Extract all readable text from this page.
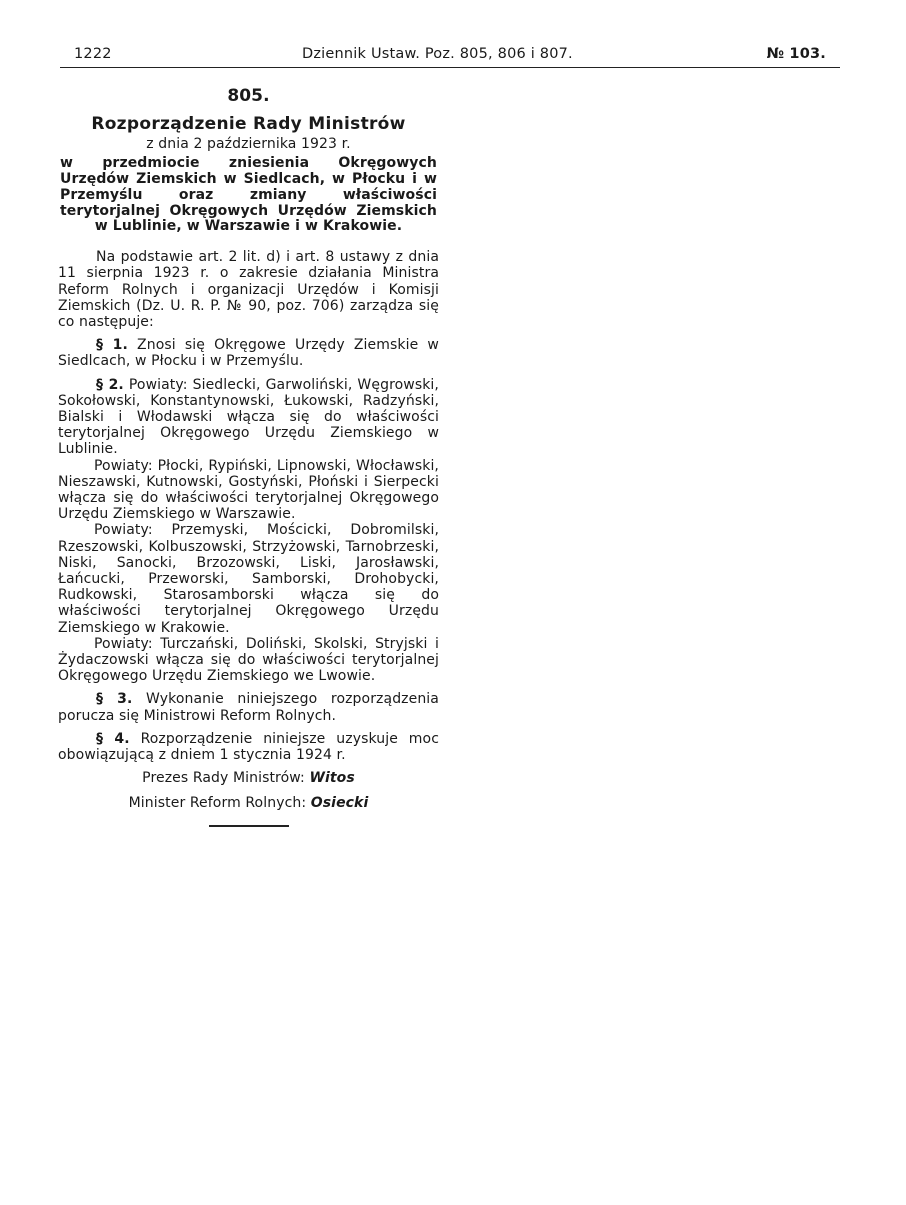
1222	Dziennik Ustaw. Poz. 805, 806 i 807.	№ 103.
805.
Rozporządzenie Rady Ministrów
z dnia 2 października 1923 r.
w przedmiocie zniesienia Okręgowych Urzędów Ziemskich w Siedlcach, w Płocku i w Przemyślu oraz zmiany właściwości terytorjalnej Okręgowych Urzędów Ziemskich w Lublinie, w Warszawie i w Krakowie.

Na podstawie art. 2 lit. d) i art. 8 ustawy z dnia 11 sierpnia 1923 r. o zakresie działania Ministra Reform Rolnych i organizacji Urzędów i Komisji Ziemskich (Dz. U. R. P. № 90, poz. 706) zarządza się co następuje:

§ 1. Znosi się Okręgowe Urzędy Ziemskie w Siedlcach, w Płocku i w Przemyślu.

§ 2. Powiaty: Siedlecki, Garwoliński, Węgrowski, Sokołowski, Konstantynowski, Łukowski, Radzyński, Bialski i Włodawski włącza się do właściwości terytorjalnej Okręgowego Urzędu Ziemskiego w Lublinie.

Powiaty: Płocki, Rypiński, Lipnowski, Włocławski, Nieszawski, Kutnowski, Gostyński, Płoński i Sierpecki włącza się do właściwości terytorjalnej Okręgowego Urzędu Ziemskiego w Warszawie.

Powiaty: Przemyski, Mościcki, Dobromilski, Rzeszowski, Kolbuszowski, Strzyżowski, Tarnobrzeski, Niski, Sanocki, Brzozowski, Liski, Jarosławski, Łańcucki, Przeworski, Samborski, Drohobycki, Rudkowski, Starosamborski włącza się do właściwości terytorjalnej Okręgowego Urzędu Ziemskiego w Krakowie.

Powiaty: Turczański, Doliński, Skolski, Stryjski i Żydaczowski włącza się do właściwości terytorjalnej Okręgowego Urzędu Ziemskiego we Lwowie.

§ 3. Wykonanie niniejszego rozporządzenia porucza się Ministrowi Reform Rolnych.

§ 4. Rozporządzenie niniejsze uzyskuje moc obowiązującą z dniem 1 stycznia 1924 r.

Prezes Rady Ministrów: Witos
Minister Reform Rolnych: Osiecki
